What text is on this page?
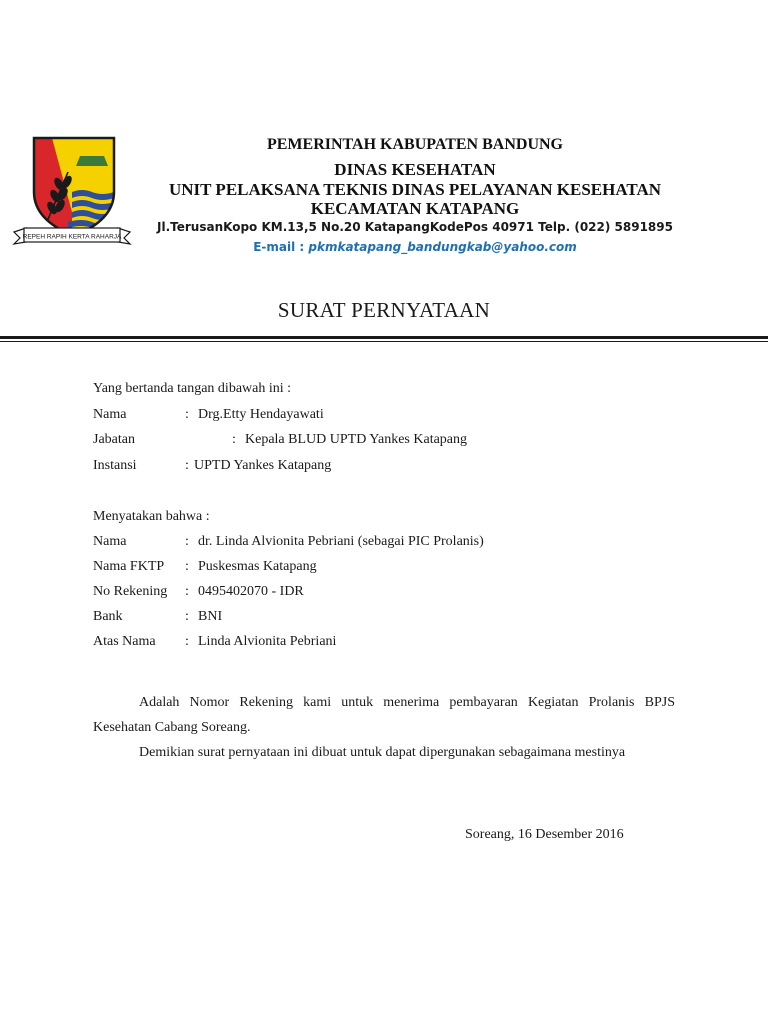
REPEH RAPIH KERTA RAHARJA
PEMERINTAH KABUPATEN BANDUNG
DINAS KESEHATAN
UNIT PELAKSANA TEKNIS DINAS PELAYANAN KESEHATAN
KECAMATAN KATAPANG
Jl.TerusanKopo KM.13,5 No.20 KatapangKodePos 40971 Telp. (022) 5891895
E-mail : pkmkatapang_bandungkab@yahoo.com
SURAT PERNYATAAN
Yang bertanda tangan dibawah ini :
Nama	: Drg.Etty Hendayawati
Jabatan	: Kepala BLUD UPTD Yankes Katapang
Instansi	: UPTD Yankes Katapang
Menyatakan bahwa :
Nama	: dr. Linda Alvionita Pebriani (sebagai PIC Prolanis)
Nama FKTP : Puskesmas Katapang
No Rekening : 0495402070 - IDR
Bank	: BNI
Atas Nama : Linda Alvionita Pebriani
Adalah Nomor Rekening kami untuk menerima pembayaran Kegiatan Prolanis BPJS Kesehatan Cabang Soreang.
Demikian surat pernyataan ini dibuat untuk dapat dipergunakan sebagaimana mestinya
Soreang, 16 Desember 2016
